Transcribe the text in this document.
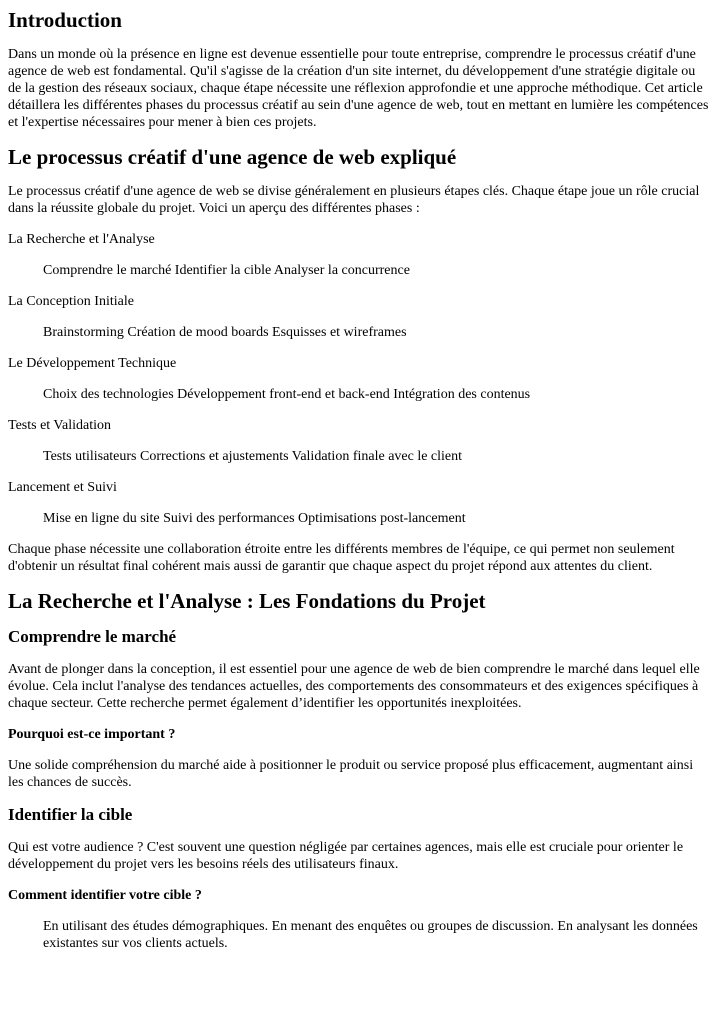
Introduction

Dans un monde où la présence en ligne est devenue essentielle pour toute entreprise, comprendre le processus créatif d'une agence de web est fondamental. Qu'il s'agisse de la création d'un site internet, du développement d'une stratégie digitale ou de la gestion des réseaux sociaux, chaque étape nécessite une réflexion approfondie et une approche méthodique. Cet article détaillera les différentes phases du processus créatif au sein d'une agence de web, tout en mettant en lumière les compétences et l'expertise nécessaires pour mener à bien ces projets.

Le processus créatif d'une agence de web expliqué

Le processus créatif d'une agence de web se divise généralement en plusieurs étapes clés. Chaque étape joue un rôle crucial dans la réussite globale du projet. Voici un aperçu des différentes phases :

La Recherche et l'Analyse
Comprendre le marché Identifier la cible Analyser la concurrence
La Conception Initiale
Brainstorming Création de mood boards Esquisses et wireframes
Le Développement Technique
Choix des technologies Développement front-end et back-end Intégration des contenus
Tests et Validation
Tests utilisateurs Corrections et ajustements Validation finale avec le client
Lancement et Suivi
Mise en ligne du site Suivi des performances Optimisations post-lancement

Chaque phase nécessite une collaboration étroite entre les différents membres de l'équipe, ce qui permet non seulement d'obtenir un résultat final cohérent mais aussi de garantir que chaque aspect du projet répond aux attentes du client.

La Recherche et l'Analyse : Les Fondations du Projet
Comprendre le marché

Avant de plonger dans la conception, il est essentiel pour une agence de web de bien comprendre le marché dans lequel elle évolue. Cela inclut l'analyse des tendances actuelles, des comportements des consommateurs et des exigences spécifiques à chaque secteur. Cette recherche permet également d’identifier les opportunités inexploitées.

Pourquoi est-ce important ?

Une solide compréhension du marché aide à positionner le produit ou service proposé plus efficacement, augmentant ainsi les chances de succès.

Identifier la cible

Qui est votre audience ? C'est souvent une question négligée par certaines agences, mais elle est cruciale pour orienter le développement du projet vers les besoins réels des utilisateurs finaux.

Comment identifier votre cible ?
En utilisant des études démographiques. En menant des enquêtes ou groupes de discussion. En analysant les données existantes sur vos clients actuels.
